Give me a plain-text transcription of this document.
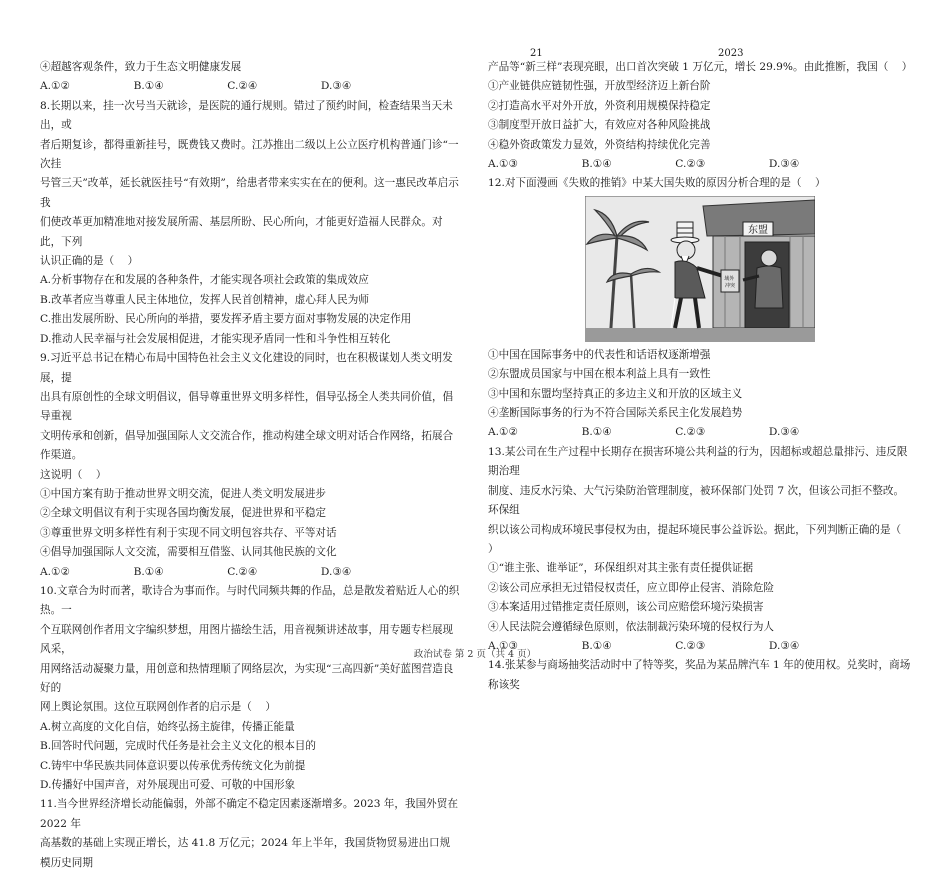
21	2023

④超越客观条件，致力于生态文明健康发展

A.①②　　　　　　B.①④　　　　　　C.②④　　　　　　D.③④

8.长期以来，挂一次号当天就诊，是医院的通行规则。错过了预约时间，检查结果当天未出，或

者后期复诊，都得重新挂号，既费钱又费时。江苏推出二级以上公立医疗机构普通门诊“一次挂

号管三天”改革，延长就医挂号“有效期”，给患者带来实实在在的便利。这一惠民改革启示我

们使改革更加精准地对接发展所需、基层所盼、民心所向，才能更好造福人民群众。对此，下列

认识正确的是（    ）

A.分析事物存在和发展的各种条件，才能实现各项社会政策的集成效应

B.改革者应当尊重人民主体地位，发挥人民首创精神，虚心拜人民为师

C.推出发展所盼、民心所向的举措，要发挥矛盾主要方面对事物发展的决定作用

D.推动人民幸福与社会发展相促进，才能实现矛盾同一性和斗争性相互转化

9.习近平总书记在精心布局中国特色社会主义文化建设的同时，也在积极谋划人类文明发展，提

出具有原创性的全球文明倡议，倡导尊重世界文明多样性，倡导弘扬全人类共同价值，倡导重视

文明传承和创新，倡导加强国际人文交流合作，推动构建全球文明对话合作网络，拓展合作渠道。

这说明（    ）

①中国方案有助于推动世界文明交流，促进人类文明发展进步

②全球文明倡议有利于实现各国均衡发展，促进世界和平稳定

③尊重世界文明多样性有利于实现不同文明包容共存、平等对话

④倡导加强国际人文交流，需要相互借鉴、认同其他民族的文化

A.①②　　　　　　B.①④　　　　　　C.②④　　　　　　D.③④

10.文章合为时而著，歌诗合为事而作。与时代同频共舞的作品，总是散发着贴近人心的织热。一

个互联网创作者用文字编织梦想，用图片描绘生活，用音视频讲述故事，用专题专栏展现风采，

用网络活动凝聚力量，用创意和热情理顺了网络层次，为实现“三高四新”美好蓝图营造良好的

网上舆论氛围。这位互联网创作者的启示是（    ）

A.树立高度的文化自信，始终弘扬主旋律，传播正能量

B.回答时代问题，完成时代任务是社会主义文化的根本目的

C.铸牢中华民族共同体意识要以传承优秀传统文化为前提

D.传播好中国声音，对外展现出可爱、可敬的中国形象

11.当今世界经济增长动能偏弱，外部不确定不稳定因素逐渐增多。2023 年，我国外贸在 2022 年

高基数的基础上实现正增长，达 41.8 万亿元；2024 年上半年，我国货物贸易进出口规模历史同期

产品等“新三样”表现亮眼，出口首次突破 1 万亿元，增长 29.9%。由此推断，我国（    ）

①产业链供应链韧性强，开放型经济迈上新台阶

②打造高水平对外开放，外资利用规模保持稳定

③制度型开放日益扩大，有效应对各种风险挑战

④稳外资政策发力显效，外资结构持续优化完善

A.①③　　　　　　B.①④　　　　　　C.②③　　　　　　D.③④

12.对下面漫画《失败的推销》中某大国失败的原因分析合理的是（    ）

东盟
域外 冲突

①中国在国际事务中的代表性和话语权逐渐增强

②东盟成员国家与中国在根本利益上具有一致性

③中国和东盟均坚持真正的多边主义和开放的区域主义

④垄断国际事务的行为不符合国际关系民主化发展趋势

A.①②　　　　　　B.①④　　　　　　C.②③　　　　　　D.③④

13.某公司在生产过程中长期存在损害环境公共利益的行为，因超标或超总量排污、违反限期治理

制度、违反水污染、大气污染防治管理制度，被环保部门处罚 7 次，但该公司拒不整改。环保组

织以该公司构成环境民事侵权为由，提起环境民事公益诉讼。据此，下列判断正确的是（    ）

①“谁主张、谁举证”，环保组织对其主张有责任提供证据

②该公司应承担无过错侵权责任，应立即停止侵害、消除危险

③本案适用过错推定责任原则，该公司应赔偿环境污染损害

④人民法院会遵循绿色原则，依法制裁污染环境的侵权行为人

A.①③　　　　　　B.①④　　　　　　C.②③　　　　　　D.③④

14.张某参与商场抽奖活动时中了特等奖，奖品为某品牌汽车 1 年的使用权。兑奖时，商场称该奖

政治试卷 第 2 页（共 4 页）
